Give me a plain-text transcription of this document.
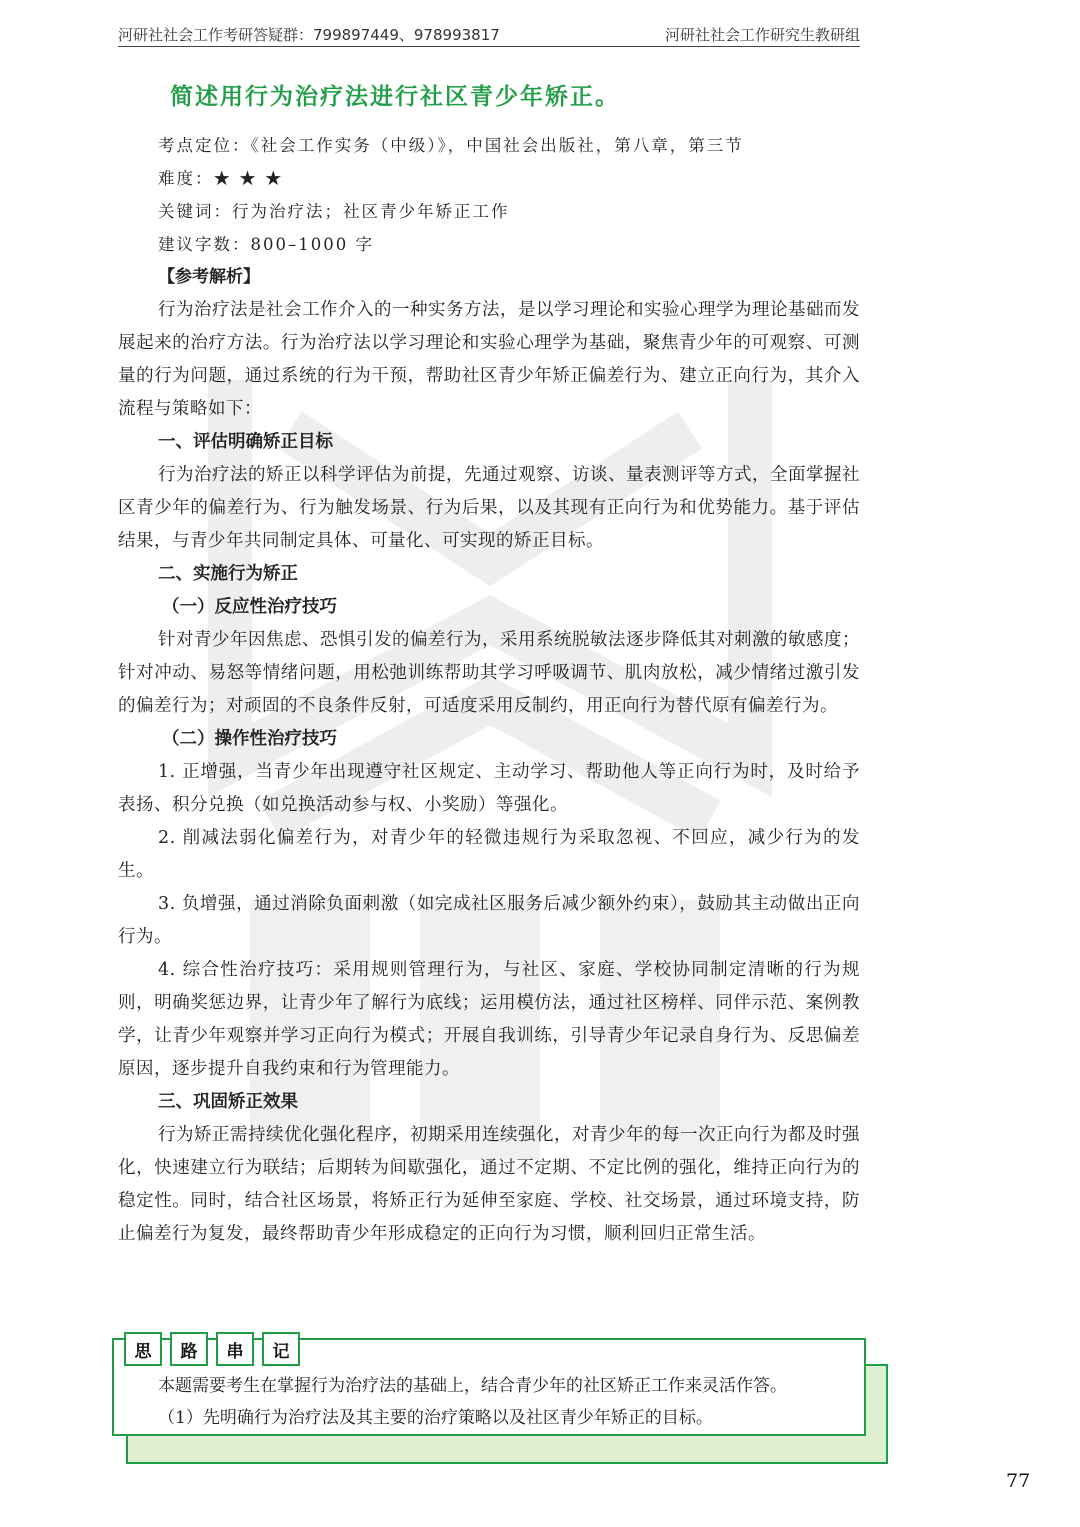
河研社社会工作考研答疑群：799897449、978993817	河研社社会工作研究生教研组
简述用行为治疗法进行社区青少年矫正。
考点定位：《社会工作实务（中级）》，中国社会出版社，第八章，第三节
难度：★ ★ ★
关键词：行为治疗法；社区青少年矫正工作
建议字数：800–1000 字
【参考解析】

行为治疗法是社会工作介入的一种实务方法，是以学习理论和实验心理学为理论基础而发展起来的治疗方法。行为治疗法以学习理论和实验心理学为基础，聚焦青少年的可观察、可测量的行为问题，通过系统的行为干预，帮助社区青少年矫正偏差行为、建立正向行为，其介入流程与策略如下：

一、评估明确矫正目标

行为治疗法的矫正以科学评估为前提，先通过观察、访谈、量表测评等方式，全面掌握社区青少年的偏差行为、行为触发场景、行为后果，以及其现有正向行为和优势能力。基于评估结果，与青少年共同制定具体、可量化、可实现的矫正目标。

二、实施行为矫正
（一）反应性治疗技巧

针对青少年因焦虑、恐惧引发的偏差行为，采用系统脱敏法逐步降低其对刺激的敏感度；针对冲动、易怒等情绪问题，用松弛训练帮助其学习呼吸调节、肌肉放松，减少情绪过激引发的偏差行为；对顽固的不良条件反射，可适度采用反制约，用正向行为替代原有偏差行为。

（二）操作性治疗技巧

1. 正增强，当青少年出现遵守社区规定、主动学习、帮助他人等正向行为时，及时给予表扬、积分兑换（如兑换活动参与权、小奖励）等强化。

2. 削减法弱化偏差行为，对青少年的轻微违规行为采取忽视、不回应，减少行为的发生。

3. 负增强，通过消除负面刺激（如完成社区服务后减少额外约束），鼓励其主动做出正向行为。

4. 综合性治疗技巧：采用规则管理行为，与社区、家庭、学校协同制定清晰的行为规则，明确奖惩边界，让青少年了解行为底线；运用模仿法，通过社区榜样、同伴示范、案例教学，让青少年观察并学习正向行为模式；开展自我训练，引导青少年记录自身行为、反思偏差原因，逐步提升自我约束和行为管理能力。

三、巩固矫正效果

行为矫正需持续优化强化程序，初期采用连续强化，对青少年的每一次正向行为都及时强化，快速建立行为联结；后期转为间歇强化，通过不定期、不定比例的强化，维持正向行为的稳定性。同时，结合社区场景，将矫正行为延伸至家庭、学校、社交场景，通过环境支持，防止偏差行为复发，最终帮助青少年形成稳定的正向行为习惯，顺利回归正常生活。

思	路	串	记
本题需要考生在掌握行为治疗法的基础上，结合青少年的社区矫正工作来灵活作答。
（1）先明确行为治疗法及其主要的治疗策略以及社区青少年矫正的目标。
77
